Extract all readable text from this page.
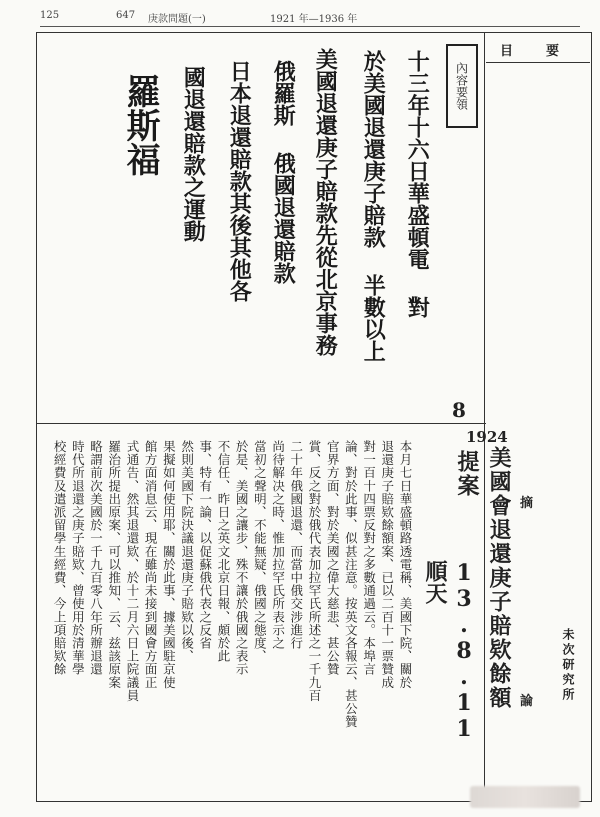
125	647 庚款問題(一)	1921 年—1936 年
目	要
摘
論 未次研究所
內容要領
十三年十六日華盛頓電 對
於美國退還庚子賠款 半數以上
美國退還庚子賠款先從北京事務
俄羅斯 俄國退還賠款
日本退還賠款其後其他各
國退還賠款之運動
羅斯福
8
1924
美國會退還庚子賠欵餘額
提案
13.8.11順天
本月七日華盛頓路透電稱、美國下院、關於
退還庚子賠欵餘額案、已以二百十一票贊成
對一百十四票反對之多數通過云。本埠言
論、對於此事、似甚注意。按英文各報云、甚公贊
官界方面、對於美國之偉大慈悲、甚公贊
賞、反之對於俄代表加拉罕氏所述之一千九百
二十年俄國退還、而當中俄交涉進行
尚待解决之時、惟加拉罕氏所表示之
當初之聲明、不能無疑、俄國之態度、
於是、美國之讓步、殊不讓於俄國之表示
不信任、昨日之英文北京日報、頗於此
事、特有一論、以促蘇俄代表之反省
然則美國下院決議退還庚子賠欵以後、
果擬如何使用耶、關於此事、據美國駐京使
館方面消息云、現在雖尚未接到國會方面正
式通告、然其退還欵、於十二月六日上院議員
羅治所提出原案、可以推知、云、兹該原案
略謂前次美國於一千九百零八年所辦退還
時代所退還之庚子賠欵、曾使用於清華學
校經費及遣派留學生經費、今上項賠欵餘
